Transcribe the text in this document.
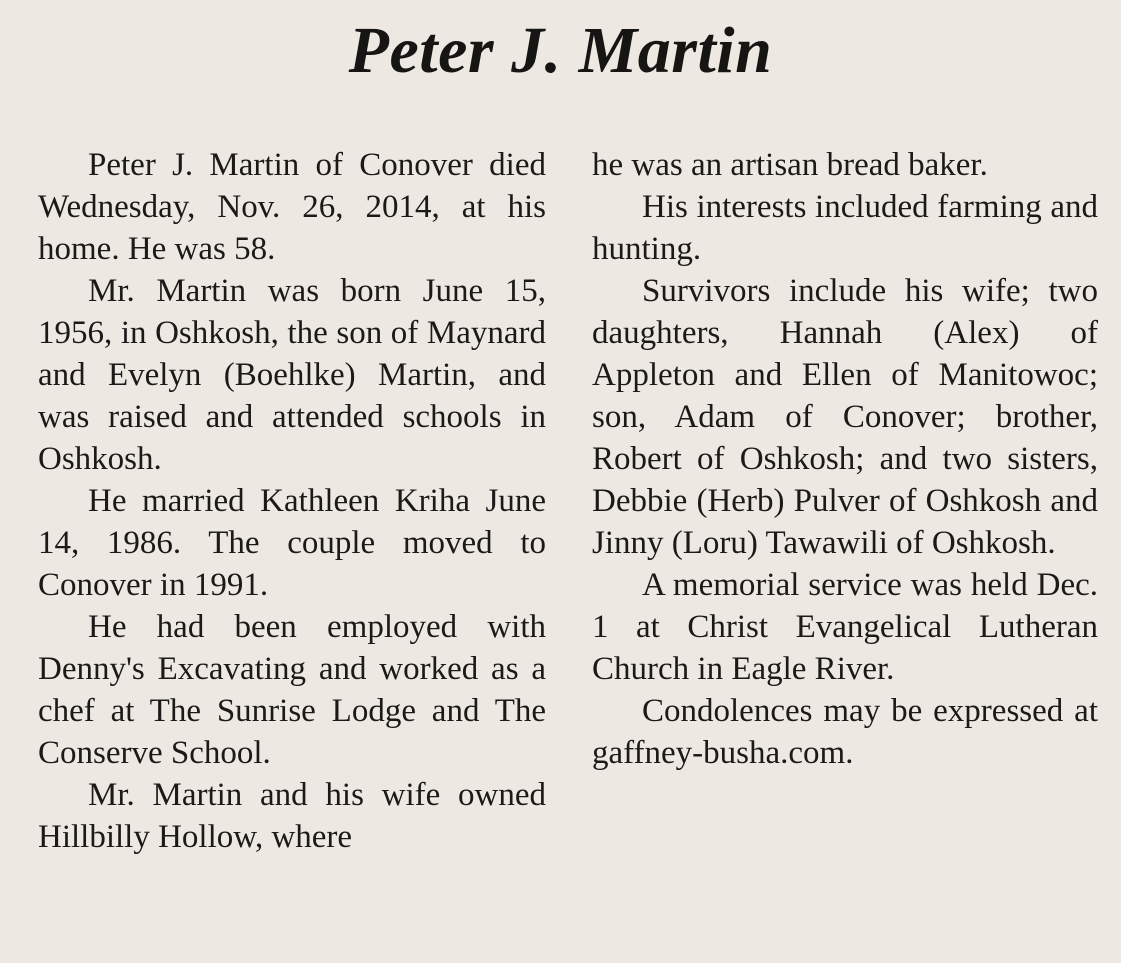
Peter J. Martin

Peter J. Martin of Conover died Wednesday, Nov. 26, 2014, at his home. He was 58.

Mr. Martin was born June 15, 1956, in Oshkosh, the son of Maynard and Evelyn (Boehlke) Martin, and was raised and attended schools in Oshkosh.

He married Kathleen Kriha June 14, 1986. The couple moved to Conover in 1991.

He had been employed with Denny's Excavating and worked as a chef at The Sunrise Lodge and The Conserve School.

Mr. Martin and his wife owned Hillbilly Hollow, where

he was an artisan bread baker.

His interests included farming and hunting.

Survivors include his wife; two daughters, Hannah (Alex) of Appleton and Ellen of Manitowoc; son, Adam of Conover; brother, Robert of Oshkosh; and two sisters, Debbie (Herb) Pulver of Oshkosh and Jinny (Loru) Tawawili of Oshkosh.

A memorial service was held Dec. 1 at Christ Evangelical Lutheran Church in Eagle River.

Condolences may be expressed at gaffney-busha.com.
